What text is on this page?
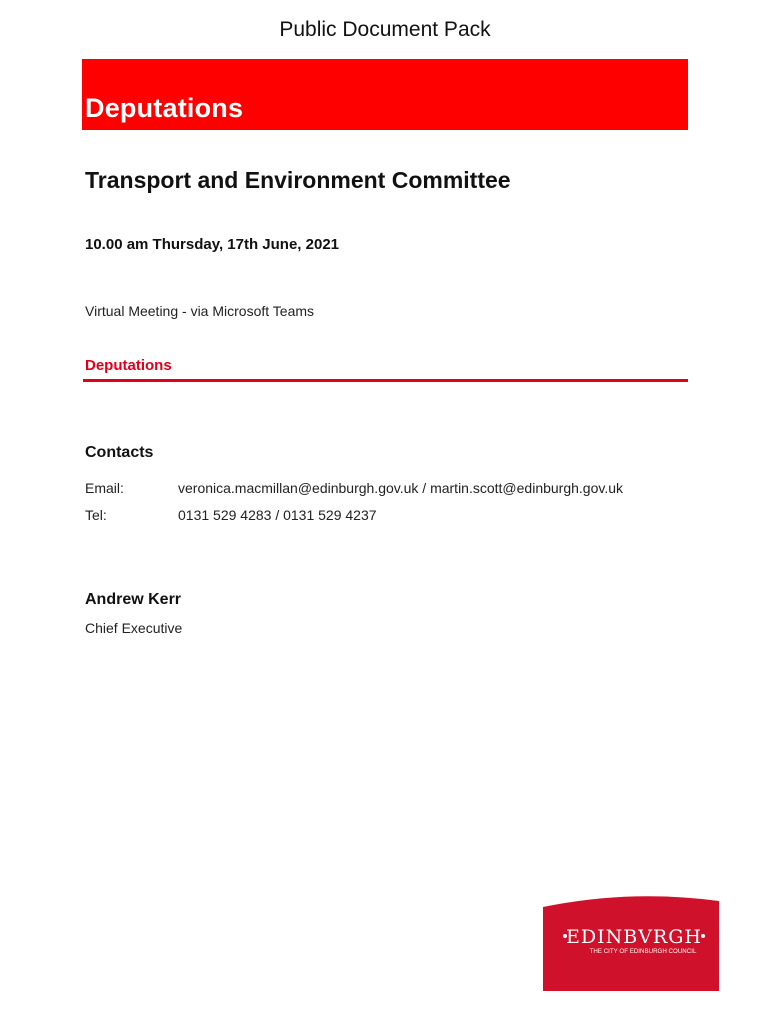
Public Document Pack
Deputations
Transport and Environment Committee
10.00 am Thursday, 17th June, 2021
Virtual Meeting - via Microsoft Teams
Deputations
Contacts
Email:	veronica.macmillan@edinburgh.gov.uk / martin.scott@edinburgh.gov.uk
Tel:	0131 529 4283 / 0131 529 4237
Andrew Kerr
Chief Executive
EDINBVRGH
THE CITY OF EDINBURGH COUNCIL
